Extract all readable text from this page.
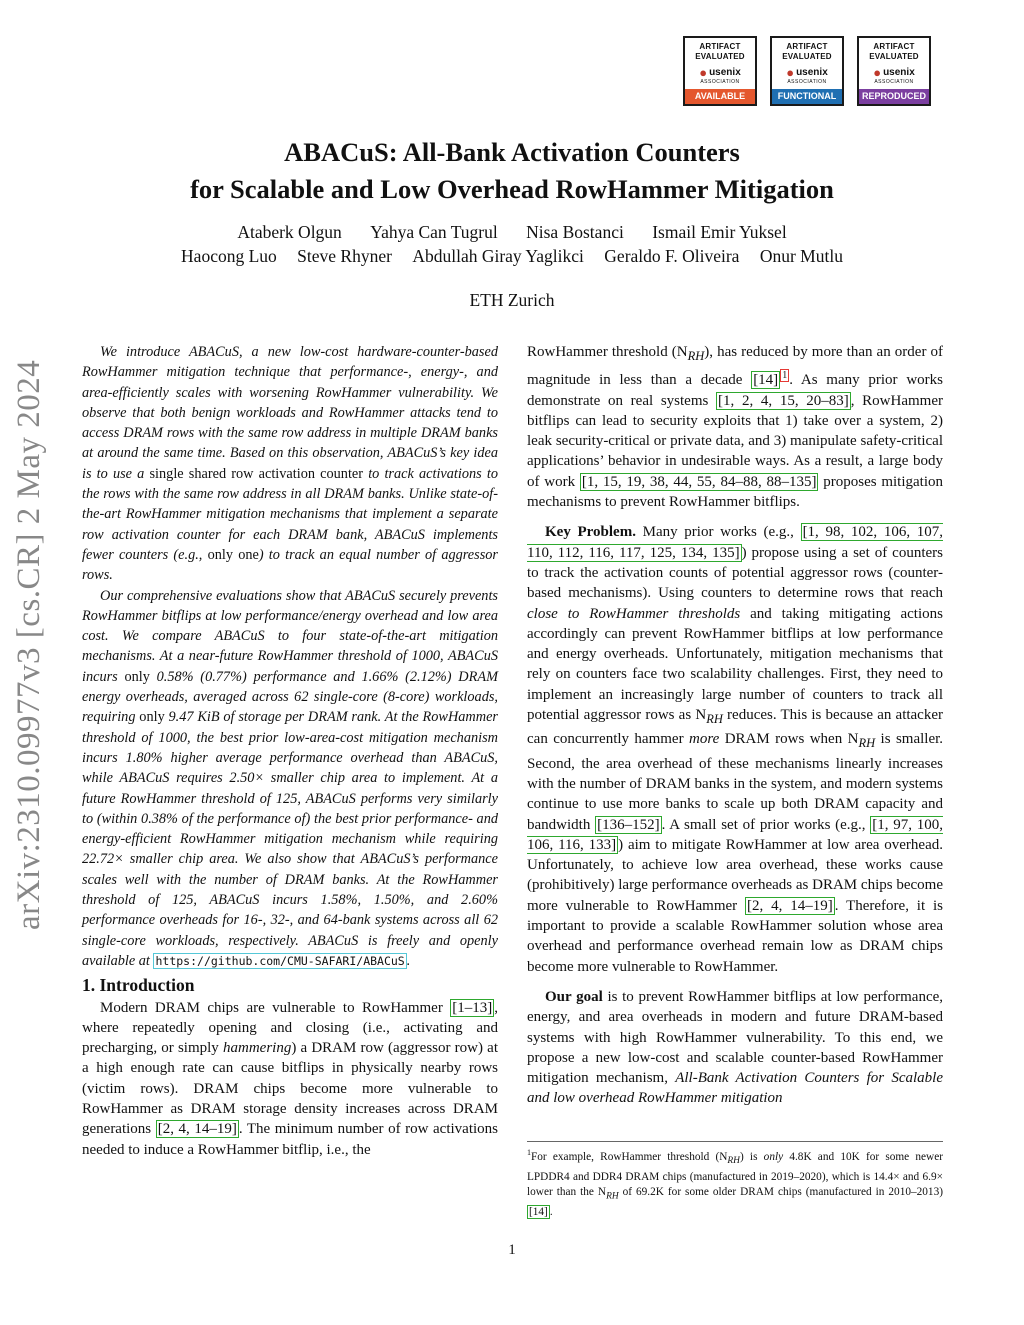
ARTIFACT EVALUATED
● usenix
ASSOCIATION
AVAILABLE
ARTIFACT EVALUATED
● usenix
ASSOCIATION
FUNCTIONAL
ARTIFACT EVALUATED
● usenix
ASSOCIATION
REPRODUCED
arXiv:2310.09977v3 [cs.CR] 2 May 2024
ABACuS: All-Bank Activation Counters
for Scalable and Low Overhead RowHammer Mitigation
Ataberk Olgun Yahya Can Tugrul Nisa Bostanci Ismail Emir Yuksel
Haocong Luo Steve Rhyner Abdullah Giray Yaglikci Geraldo F. Oliveira Onur Mutlu
ETH Zurich

We introduce ABACuS, a new low-cost hardware-counter-based RowHammer mitigation technique that performance-, energy-, and area-efficiently scales with worsening RowHammer vulnerability. We observe that both benign workloads and RowHammer attacks tend to access DRAM rows with the same row address in multiple DRAM banks at around the same time. Based on this observation, ABACuS’s key idea is to use a single shared row activation counter to track activations to the rows with the same row address in all DRAM banks. Unlike state-of-the-art RowHammer mitigation mechanisms that implement a separate row activation counter for each DRAM bank, ABACuS implements fewer counters (e.g., only one) to track an equal number of aggressor rows.

Our comprehensive evaluations show that ABACuS securely prevents RowHammer bitflips at low performance/energy overhead and low area cost. We compare ABACuS to four state-of-the-art mitigation mechanisms. At a near-future RowHammer threshold of 1000, ABACuS incurs only 0.58% (0.77%) performance and 1.66% (2.12%) DRAM energy overheads, averaged across 62 single-core (8-core) workloads, requiring only 9.47 KiB of storage per DRAM rank. At the RowHammer threshold of 1000, the best prior low-area-cost mitigation mechanism incurs 1.80% higher average performance overhead than ABACuS, while ABACuS requires 2.50× smaller chip area to implement. At a future RowHammer threshold of 125, ABACuS performs very similarly to (within 0.38% of the performance of) the best prior performance- and energy-efficient RowHammer mitigation mechanism while requiring 22.72× smaller chip area. We also show that ABACuS’s performance scales well with the number of DRAM banks. At the RowHammer threshold of 125, ABACuS incurs 1.58%, 1.50%, and 2.60% performance overheads for 16-, 32-, and 64-bank systems across all 62 single-core workloads, respectively. ABACuS is freely and openly available at https://github.com/CMU-SAFARI/ABACuS .

1. Introduction

Modern DRAM chips are vulnerable to RowHammer [1–13] , where repeatedly opening and closing (i.e., activating and precharging, or simply hammering) a DRAM row (aggressor row) at a high enough rate can cause bitflips in physically nearby rows (victim rows). DRAM chips become more vulnerable to RowHammer as DRAM storage density increases across DRAM generations [2, 4, 14–19] . The minimum number of row activations needed to induce a RowHammer bitflip, i.e., the

RowHammer threshold $(N_{RH})$, has reduced by more than an order of magnitude in less than a decade [14] $^1$ . As many prior works demonstrate on real systems [1, 2, 4, 15, 20–83] , RowHammer bitflips can lead to security exploits that 1) take over a system, 2) leak security-critical or private data, and 3) manipulate safety-critical applications’ behavior in undesirable ways. As a result, a large body of work [1, 15, 19, 38, 44, 55, 84–88, 88–135] proposes mitigation mechanisms to prevent RowHammer bitflips.

Key Problem. Many prior works (e.g., [1, 98, 102, 106, 107, 110, 112, 116, 117, 125, 134, 135] ) propose using a set of counters to track the activation counts of potential aggressor rows (counter-based mechanisms). Using counters to determine rows that reach close to RowHammer thresholds and taking mitigating actions accordingly can prevent RowHammer bitflips at low performance and energy overheads. Unfortunately, mitigation mechanisms that rely on counters face two scalability challenges. First, they need to implement an increasingly large number of counters to track all potential aggressor rows as $N_{RH}$ reduces. This is because an attacker can concurrently hammer more DRAM rows when $N_{RH}$ is smaller. Second, the area overhead of these mechanisms linearly increases with the number of DRAM banks in the system, and modern systems continue to use more banks to scale up both DRAM capacity and bandwidth [136–152] . A small set of prior works (e.g., [1, 97, 100, 106, 116, 133] ) aim to mitigate RowHammer at low area overhead. Unfortunately, to achieve low area overhead, these works cause (prohibitively) large performance overheads as DRAM chips become more vulnerable to RowHammer [2, 4, 14–19] . Therefore, it is important to provide a scalable RowHammer solution whose area overhead and performance overhead remain low as DRAM chips become more vulnerable to RowHammer.

Our goal is to prevent RowHammer bitflips at low performance, energy, and area overheads in modern and future DRAM-based systems with high RowHammer vulnerability. To this end, we propose a new low-cost and scalable counter-based RowHammer mitigation mechanism, All-Bank Activation Counters for Scalable and low overhead RowHammer mitigation

$^1$For example, RowHammer threshold $(N_{RH})$ is only 4.8K and 10K for some newer LPDDR4 and DDR4 DRAM chips (manufactured in 2019–2020), which is 14.4× and 6.9× lower than the $N_{RH}$ of 69.2K for some older DRAM chips (manufactured in 2010–2013) [14] .
1
